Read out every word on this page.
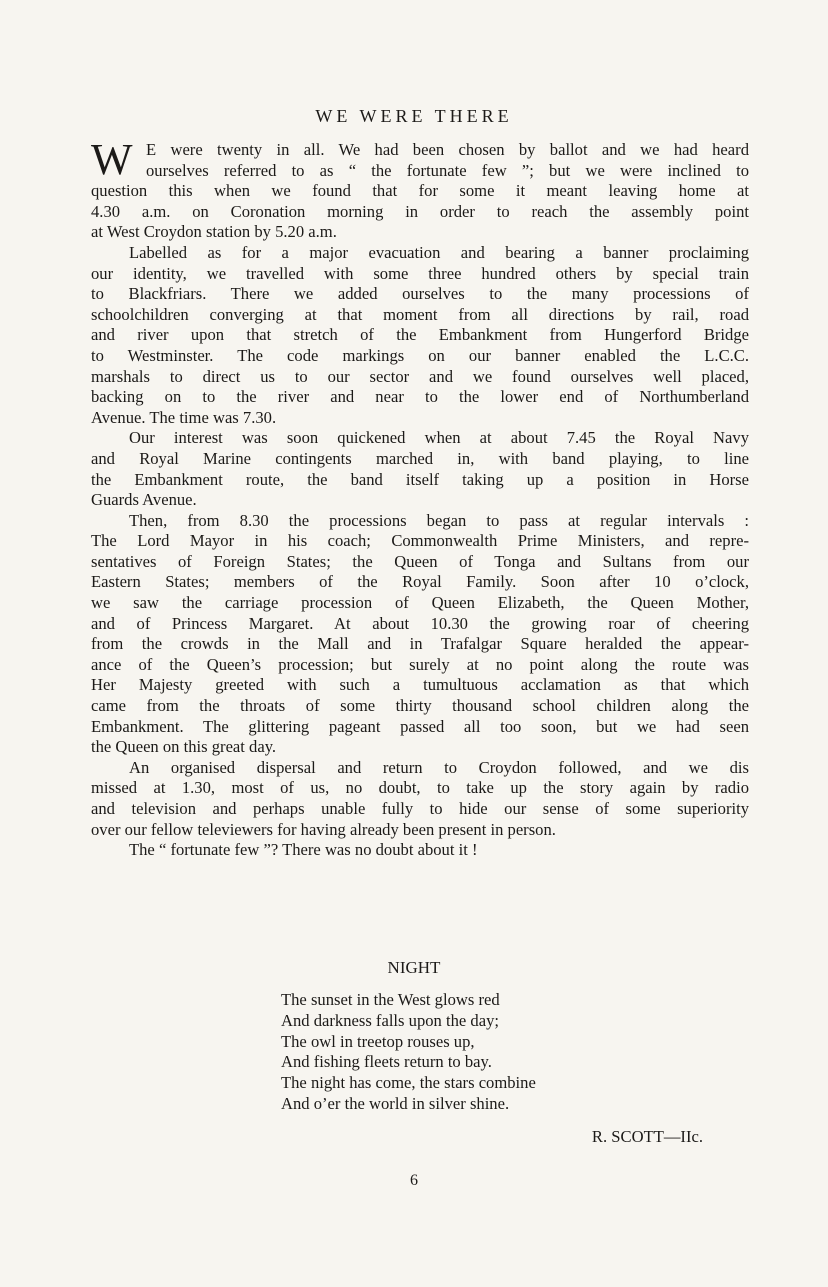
WE WERE THERE
W E were twenty in all. We had been chosen by ballot and we had heard
ourselves referred to as “ the fortunate few ”; but we were inclined to
question this when we found that for some it meant leaving home at
4.30 a.m. on Coronation morning in order to reach the assembly point
at West Croydon station by 5.20 a.m.
Labelled as for a major evacuation and bearing a banner proclaiming
our identity, we travelled with some three hundred others by special train
to Blackfriars. There we added ourselves to the many processions of
schoolchildren converging at that moment from all directions by rail, road
and river upon that stretch of the Embankment from Hungerford Bridge
to Westminster. The code markings on our banner enabled the L.C.C.
marshals to direct us to our sector and we found ourselves well placed,
backing on to the river and near to the lower end of Northumberland
Avenue. The time was 7.30.
Our interest was soon quickened when at about 7.45 the Royal Navy
and Royal Marine contingents marched in, with band playing, to line
the Embankment route, the band itself taking up a position in Horse
Guards Avenue.
Then, from 8.30 the processions began to pass at regular intervals :
The Lord Mayor in his coach; Commonwealth Prime Ministers, and repre-
sentatives of Foreign States; the Queen of Tonga and Sultans from our
Eastern States; members of the Royal Family. Soon after 10 o’clock,
we saw the carriage procession of Queen Elizabeth, the Queen Mother,
and of Princess Margaret. At about 10.30 the growing roar of cheering
from the crowds in the Mall and in Trafalgar Square heralded the appear-
ance of the Queen’s procession; but surely at no point along the route was
Her Majesty greeted with such a tumultuous acclamation as that which
came from the throats of some thirty thousand school children along the
Embankment. The glittering pageant passed all too soon, but we had seen
the Queen on this great day.
An organised dispersal and return to Croydon followed, and we dis
missed at 1.30, most of us, no doubt, to take up the story again by radio
and television and perhaps unable fully to hide our sense of some superiority
over our fellow televiewers for having already been present in person.
The “ fortunate few ”? There was no doubt about it !
NIGHT
The sunset in the West glows red
And darkness falls upon the day;
The owl in treetop rouses up,
And fishing fleets return to bay.
The night has come, the stars combine
And o’er the world in silver shine.
R. SCOTT—IIc.
6
